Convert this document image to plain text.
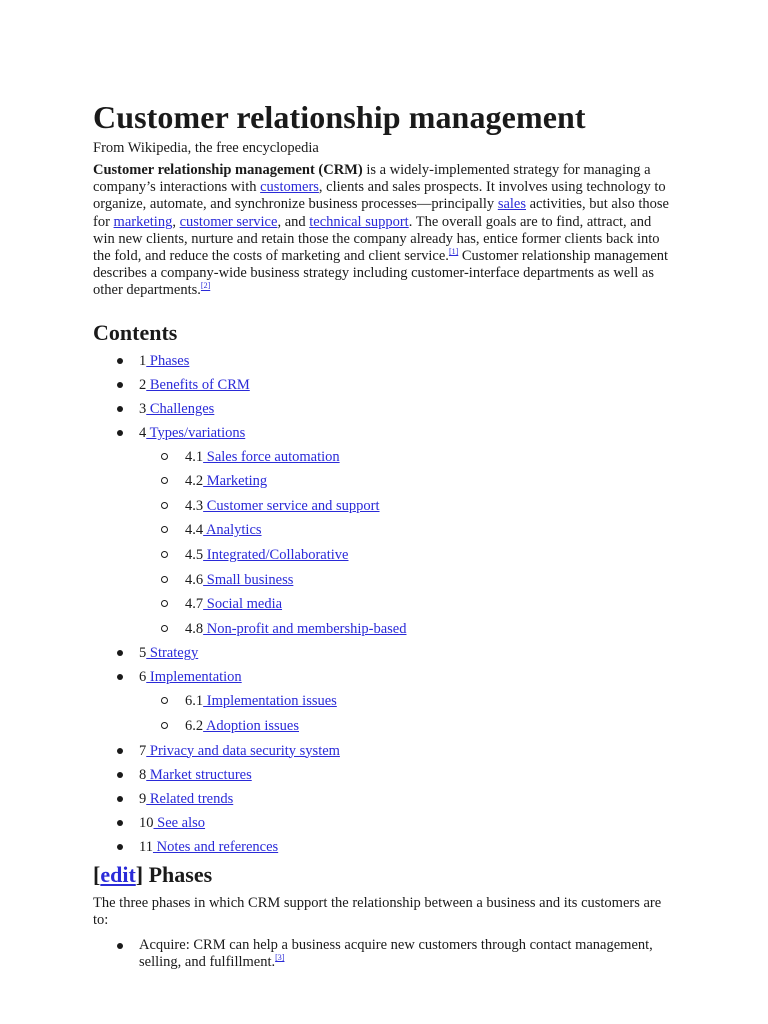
Customer relationship management
From Wikipedia, the free encyclopedia

Customer relationship management (CRM) is a widely-implemented strategy for managing a company’s interactions with customers, clients and sales prospects. It involves using technology to organize, automate, and synchronize business processes—principally sales activities, but also those for marketing, customer service, and technical support. The overall goals are to find, attract, and win new clients, nurture and retain those the company already has, entice former clients back into the fold, and reduce the costs of marketing and client service.[1] Customer relationship management describes a company-wide business strategy including customer-interface departments as well as other departments.[2]

Contents
1 Phases
2 Benefits of CRM
3 Challenges
4 Types/variations
4.1 Sales force automation
4.2 Marketing
4.3 Customer service and support
4.4 Analytics
4.5 Integrated/Collaborative
4.6 Small business
4.7 Social media
4.8 Non-profit and membership-based
5 Strategy
6 Implementation
6.1 Implementation issues
6.2 Adoption issues
7 Privacy and data security system
8 Market structures
9 Related trends
10 See also
11 Notes and references
[edit] Phases

The three phases in which CRM support the relationship between a business and its customers are to:

Acquire: CRM can help a business acquire new customers through contact management, selling, and fulfillment.[3]
